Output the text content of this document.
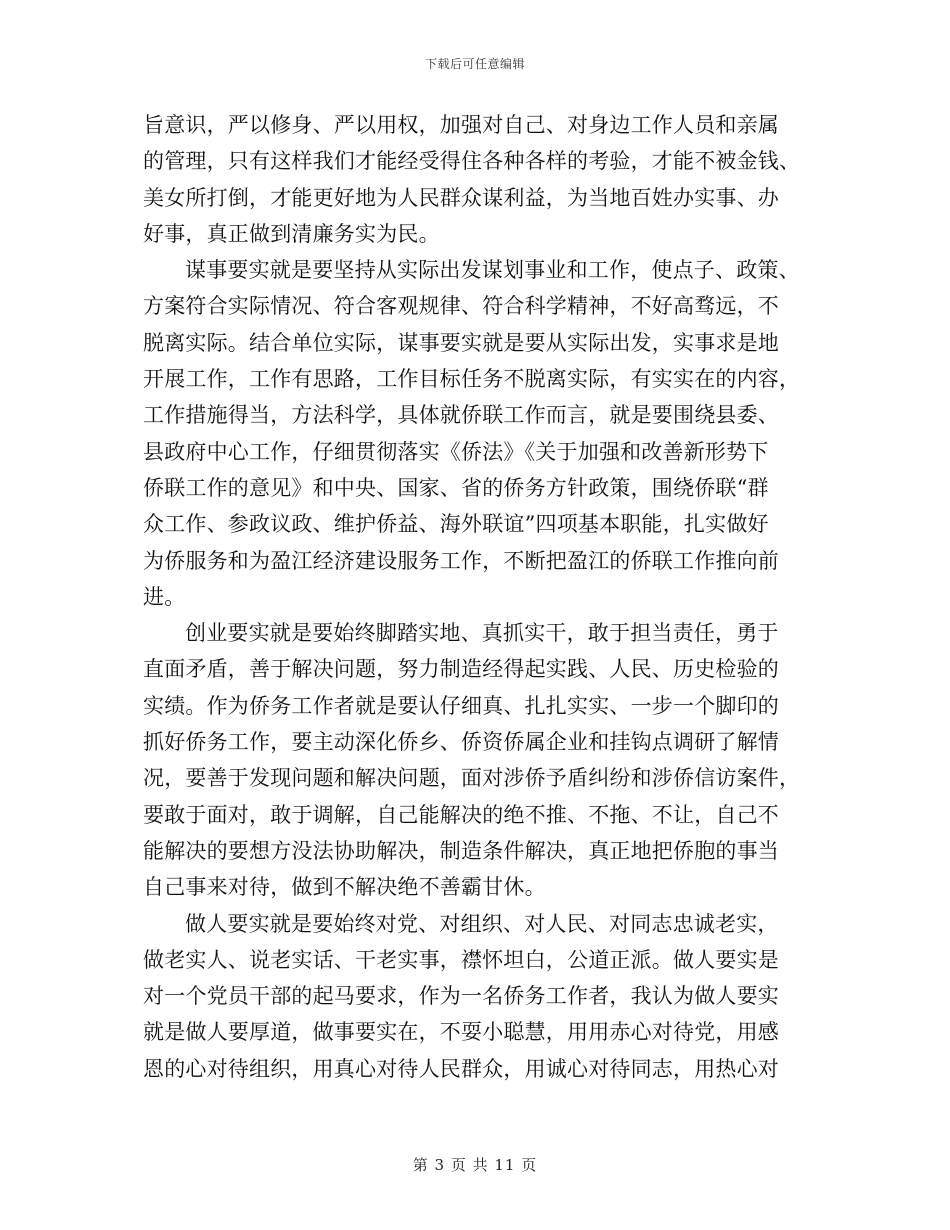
下载后可任意编辑
旨意识，严以修身、严以用权，加强对自己、对身边工作人员和亲属
的管理，只有这样我们才能经受得住各种各样的考验，才能不被金钱、
美女所打倒，才能更好地为人民群众谋利益，为当地百姓办实事、办
好事，真正做到清廉务实为民。
谋事要实就是要坚持从实际出发谋划事业和工作，使点子、政策、
方案符合实际情况、符合客观规律、符合科学精神，不好高骛远，不
脱离实际。结合单位实际，谋事要实就是要从实际出发，实事求是地
开展工作，工作有思路，工作目标任务不脱离实际，有实实在的内容，
工作措施得当，方法科学，具体就侨联工作而言，就是要围绕县委、
县政府中心工作，仔细贯彻落实《侨法》《关于加强和改善新形势下
侨联工作的意见》和中央、国家、省的侨务方针政策，围绕侨联“群
众工作、参政议政、维护侨益、海外联谊”四项基本职能，扎实做好
为侨服务和为盈江经济建设服务工作，不断把盈江的侨联工作推向前
进。
创业要实就是要始终脚踏实地、真抓实干，敢于担当责任，勇于
直面矛盾，善于解决问题，努力制造经得起实践、人民、历史检验的
实绩。作为侨务工作者就是要认仔细真、扎扎实实、一步一个脚印的
抓好侨务工作，要主动深化侨乡、侨资侨属企业和挂钩点调研了解情
况，要善于发现问题和解决问题，面对涉侨予盾纠纷和涉侨信访案件，
要敢于面对，敢于调解，自己能解决的绝不推、不拖、不让，自己不
能解决的要想方没法协助解决，制造条件解决，真正地把侨胞的事当
自己事来对待，做到不解决绝不善霸甘休。
做人要实就是要始终对党、对组织、对人民、对同志忠诚老实，
做老实人、说老实话、干老实事，襟怀坦白，公道正派。做人要实是
对一个党员干部的起马要求，作为一名侨务工作者，我认为做人要实
就是做人要厚道，做事要实在，不耍小聪慧，用用赤心对待党，用感
恩的心对待组织，用真心对待人民群众，用诚心对待同志，用热心对
第 3 页 共 11 页
